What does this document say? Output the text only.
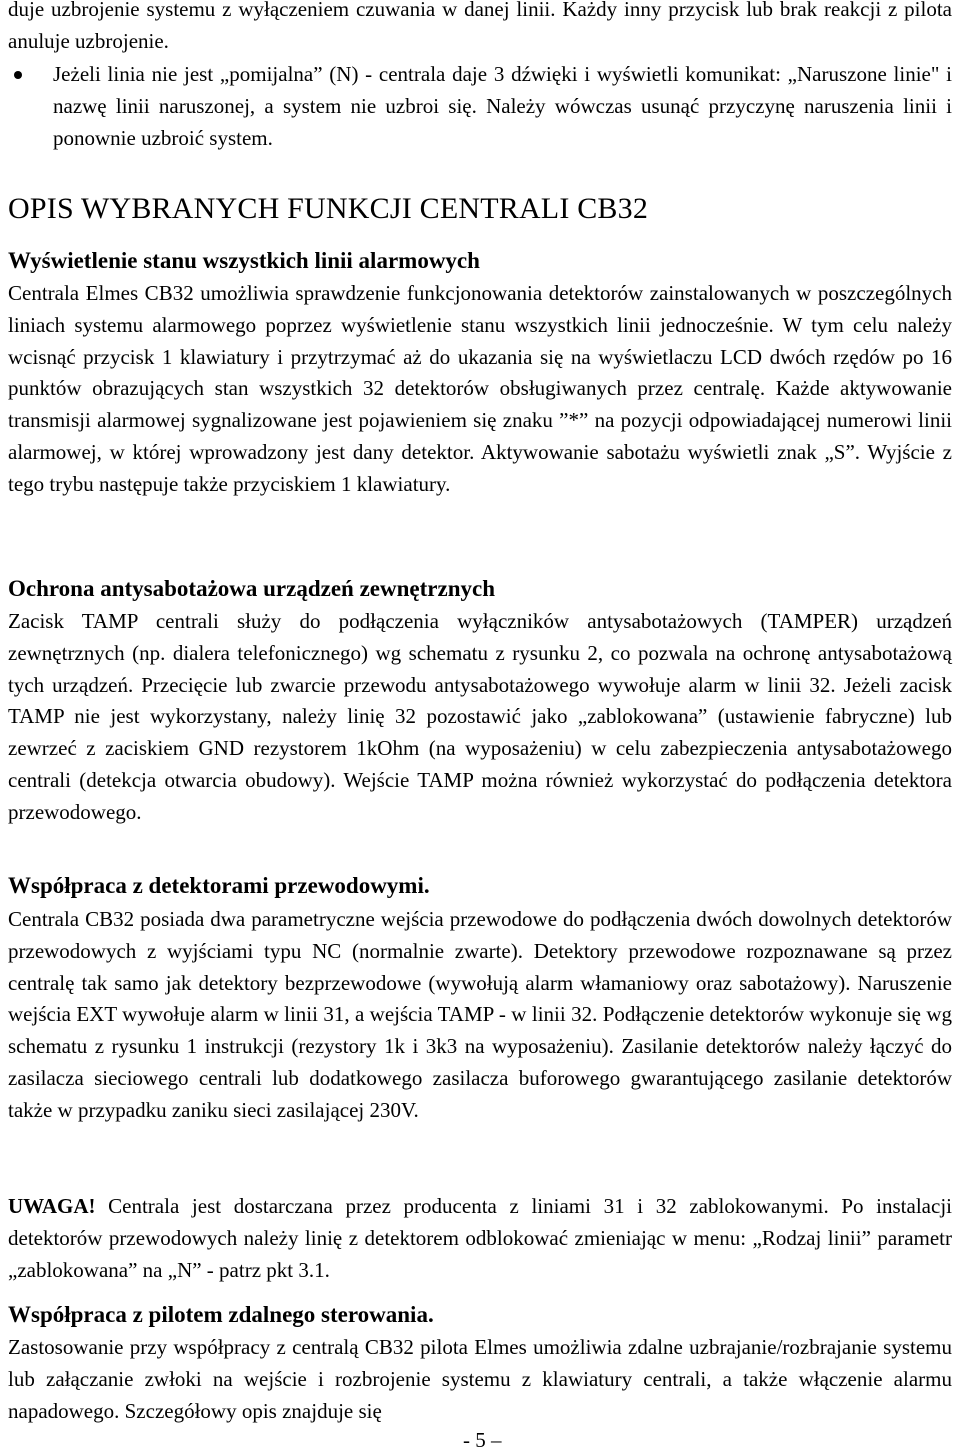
duje uzbrojenie systemu z wyłączeniem czuwania w danej linii. Każdy inny przycisk lub brak reakcji z pilota anuluje uzbrojenie.

Jeżeli linia nie jest „pomijalna” (N) - centrala daje 3 dźwięki i wyświetli komunikat: „Naruszone linie" i nazwę linii naruszonej, a system nie uzbroi się. Należy wówczas usunąć przyczynę naruszenia linii i ponownie uzbroić system.
OPIS WYBRANYCH FUNKCJI CENTRALI CB32
Wyświetlenie stanu wszystkich linii alarmowych

Centrala Elmes CB32 umożliwia sprawdzenie funkcjonowania detektorów zainstalowanych w poszczególnych liniach systemu alarmowego poprzez wyświetlenie stanu wszystkich linii jednocześnie. W tym celu należy wcisnąć przycisk 1 klawiatury i przytrzymać aż do ukazania się na wyświetlaczu LCD dwóch rzędów po 16 punktów obrazujących stan wszystkich 32 detektorów obsługiwanych przez centralę. Każde aktywowanie transmisji alarmowej sygnalizowane jest pojawieniem się znaku ”*” na pozycji odpowiadającej numerowi linii alarmowej, w której wprowadzony jest dany detektor. Aktywowanie sabotażu wyświetli znak „S”. Wyjście z tego trybu następuje także przyciskiem 1 klawiatury.

Ochrona antysabotażowa urządzeń zewnętrznych

Zacisk TAMP centrali służy do podłączenia wyłączników antysabotażowych (TAMPER) urządzeń zewnętrznych (np. dialera telefonicznego) wg schematu z rysunku 2, co pozwala na ochronę antysabotażową tych urządzeń. Przecięcie lub zwarcie przewodu antysabotażowego wywołuje alarm w linii 32. Jeżeli zacisk TAMP nie jest wykorzystany, należy linię 32 pozostawić jako „zablokowana” (ustawienie fabryczne) lub zewrzeć z zaciskiem GND rezystorem 1kOhm (na wyposażeniu) w celu zabezpieczenia antysabotażowego centrali (detekcja otwarcia obudowy). Wejście TAMP można również wykorzystać do podłączenia detektora przewodowego.

Współpraca z detektorami przewodowymi.

Centrala CB32 posiada dwa parametryczne wejścia przewodowe do podłączenia dwóch dowolnych detektorów przewodowych z wyjściami typu NC (normalnie zwarte). Detektory przewodowe rozpoznawane są przez centralę tak samo jak detektory bezprzewodowe (wywołują alarm włamaniowy oraz sabotażowy). Naruszenie wejścia EXT wywołuje alarm w linii 31, a wejścia TAMP - w linii 32. Podłączenie detektorów wykonuje się wg schematu z rysunku 1 instrukcji (rezystory 1k i 3k3 na wyposażeniu). Zasilanie detektorów należy łączyć do zasilacza sieciowego centrali lub dodatkowego zasilacza buforowego gwarantującego zasilanie detektorów także w przypadku zaniku sieci zasilającej 230V.

UWAGA! Centrala jest dostarczana przez producenta z liniami 31 i 32 zablokowanymi. Po instalacji detektorów przewodowych należy linię z detektorem odblokować zmieniając w menu: „Rodzaj linii” parametr „zablokowana” na „N” - patrz pkt 3.1.

Współpraca z pilotem zdalnego sterowania.

Zastosowanie przy współpracy z centralą CB32 pilota Elmes umożliwia zdalne uzbrajanie/rozbrajanie systemu lub załączanie zwłoki na wejście i rozbrojenie systemu z klawiatury centrali, a także włączenie alarmu napadowego. Szczegółowy opis znajduje się

- 5 –
